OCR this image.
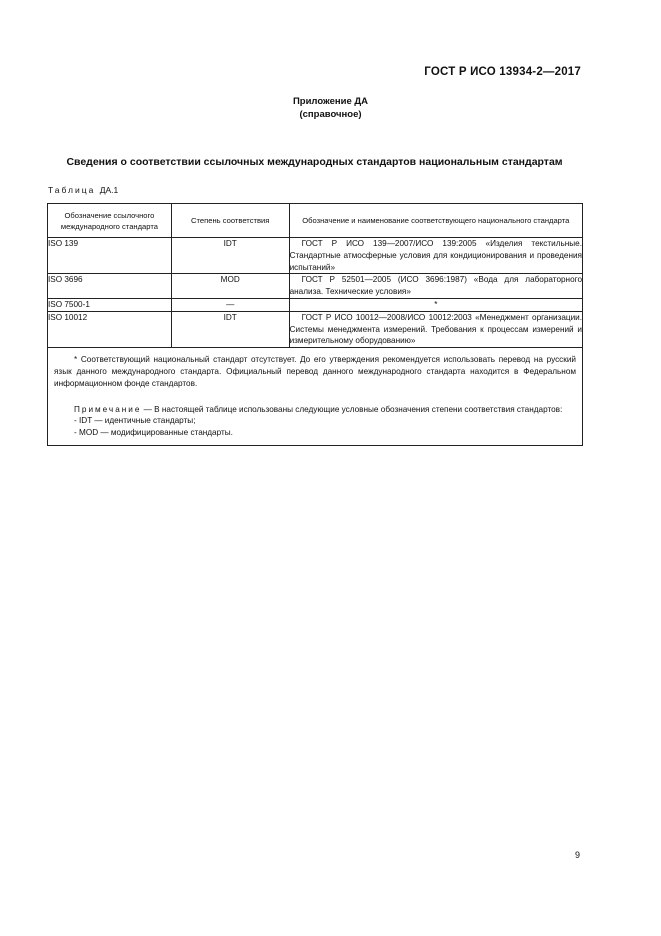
ГОСТ Р ИСО 13934-2—2017
Приложение ДА
(справочное)
Сведения о соответствии ссылочных международных стандартов национальным стандартам
Таблица ДА.1
Обозначение ссылочного международного стандарта	Степень соответствия	Обозначение и наименование соответствующего национального стандарта
ISO 139	IDT	ГОСТ Р ИСО 139—2007/ИСО 139:2005 «Изделия текстильные. Стандартные атмосферные условия для кондиционирования и проведения испытаний»
ISO 3696	MOD	ГОСТ Р 52501—2005 (ИСО 3696:1987) «Вода для лабораторного анализа. Технические условия»
ISO 7500-1	—	*
ISO 10012	IDT	ГОСТ Р ИСО 10012—2008/ИСО 10012:2003 «Менеджмент организации. Системы менеджмента измерений. Требования к процессам измерений и измерительному оборудованию»

* Соответствующий национальный стандарт отсутствует. До его утверждения рекомендуется использовать перевод на русский язык данного международного стандарта. Официальный перевод данного международного стандарта находится в Федеральном информационном фонде стандартов.

Примечание — В настоящей таблице использованы следующие условные обозначения степени соответствия стандартов:

- IDT — идентичные стандарты;

- MOD — модифицированные стандарты.		

9
